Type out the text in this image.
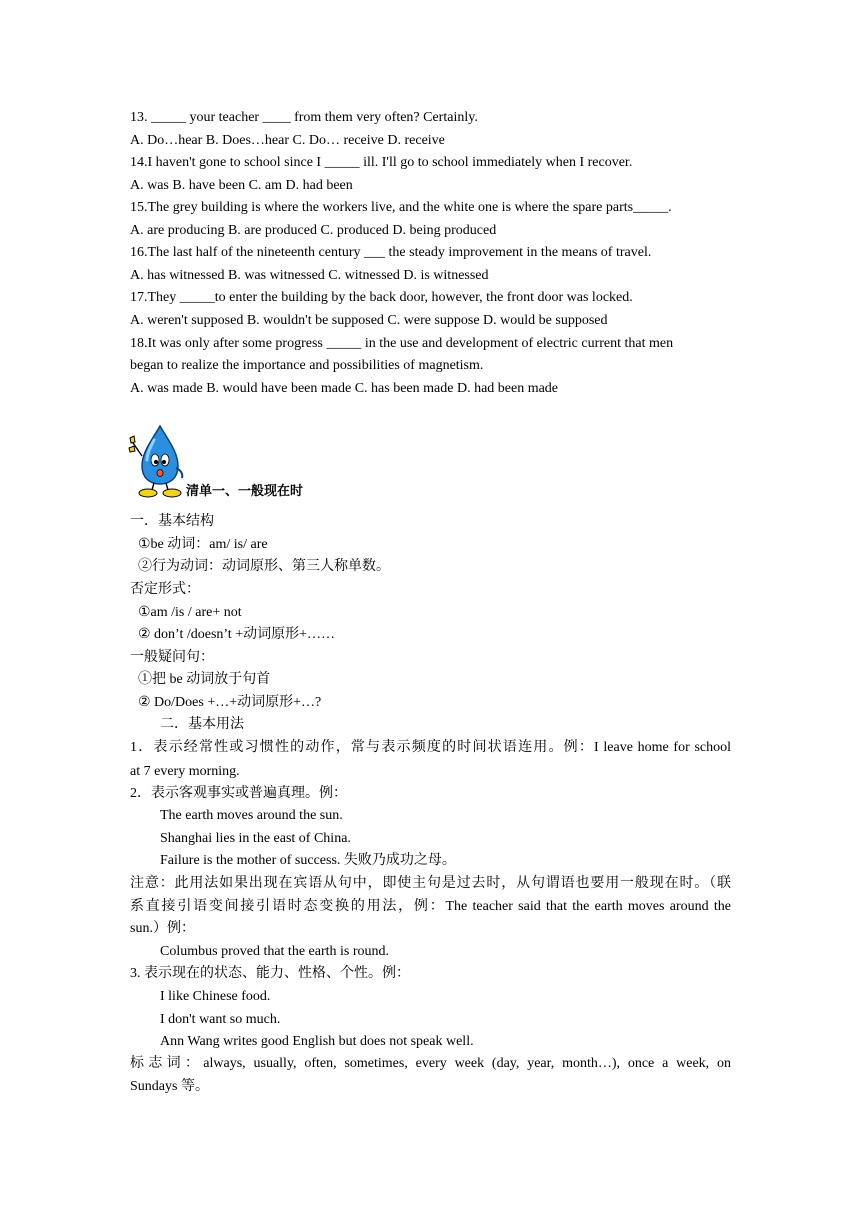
13. _____ your teacher ____ from them very often? Certainly.
A. Do…hear B. Does…hear C. Do… receive D. receive
14.I haven't gone to school since I _____ ill. I'll go to school immediately when I recover.
A. was B. have been C. am D. had been
15.The grey building is where the workers live, and the white one is where the spare parts_____.
A. are producing B. are produced C. produced D. being produced
16.The last half of the nineteenth century ___ the steady improvement in the means of travel.
A. has witnessed B. was witnessed C. witnessed D. is witnessed
17.They _____to enter the building by the back door, however, the front door was locked.
A. weren't supposed B. wouldn't be supposed C. were suppose D. would be supposed
18.It was only after some progress _____ in the use and development of electric current that men
began to realize the importance and possibilities of magnetism.
A. was made B. would have been made C. has been made D. had been made
清单一、一般现在时
一．基本结构
①be 动词：am/ is/ are
②行为动词：动词原形、第三人称单数。
否定形式：
①am /is / are+ not
② don’t /doesn’t +动词原形+……
一般疑问句：
①把 be 动词放于句首
② Do/Does +…+动词原形+…?
二．基本用法
1．表示经常性或习惯性的动作，常与表示频度的时间状语连用。例：I leave home for school
at 7 every morning.
2．表示客观事实或普遍真理。例：
The earth moves around the sun.
Shanghai lies in the east of China.
Failure is the mother of success. 失败乃成功之母。
注意：此用法如果出现在宾语从句中，即使主句是过去时，从句谓语也要用一般现在时。（联
系直接引语变间接引语时态变换的用法，例：The teacher said that the earth moves around the
sun.）例：
Columbus proved that the earth is round.
3. 表示现在的状态、能力、性格、个性。例：
I like Chinese food.
I don't want so much.
Ann Wang writes good English but does not speak well.
标志词：always, usually, often, sometimes, every week (day, year, month…), once a week, on
Sundays 等。
